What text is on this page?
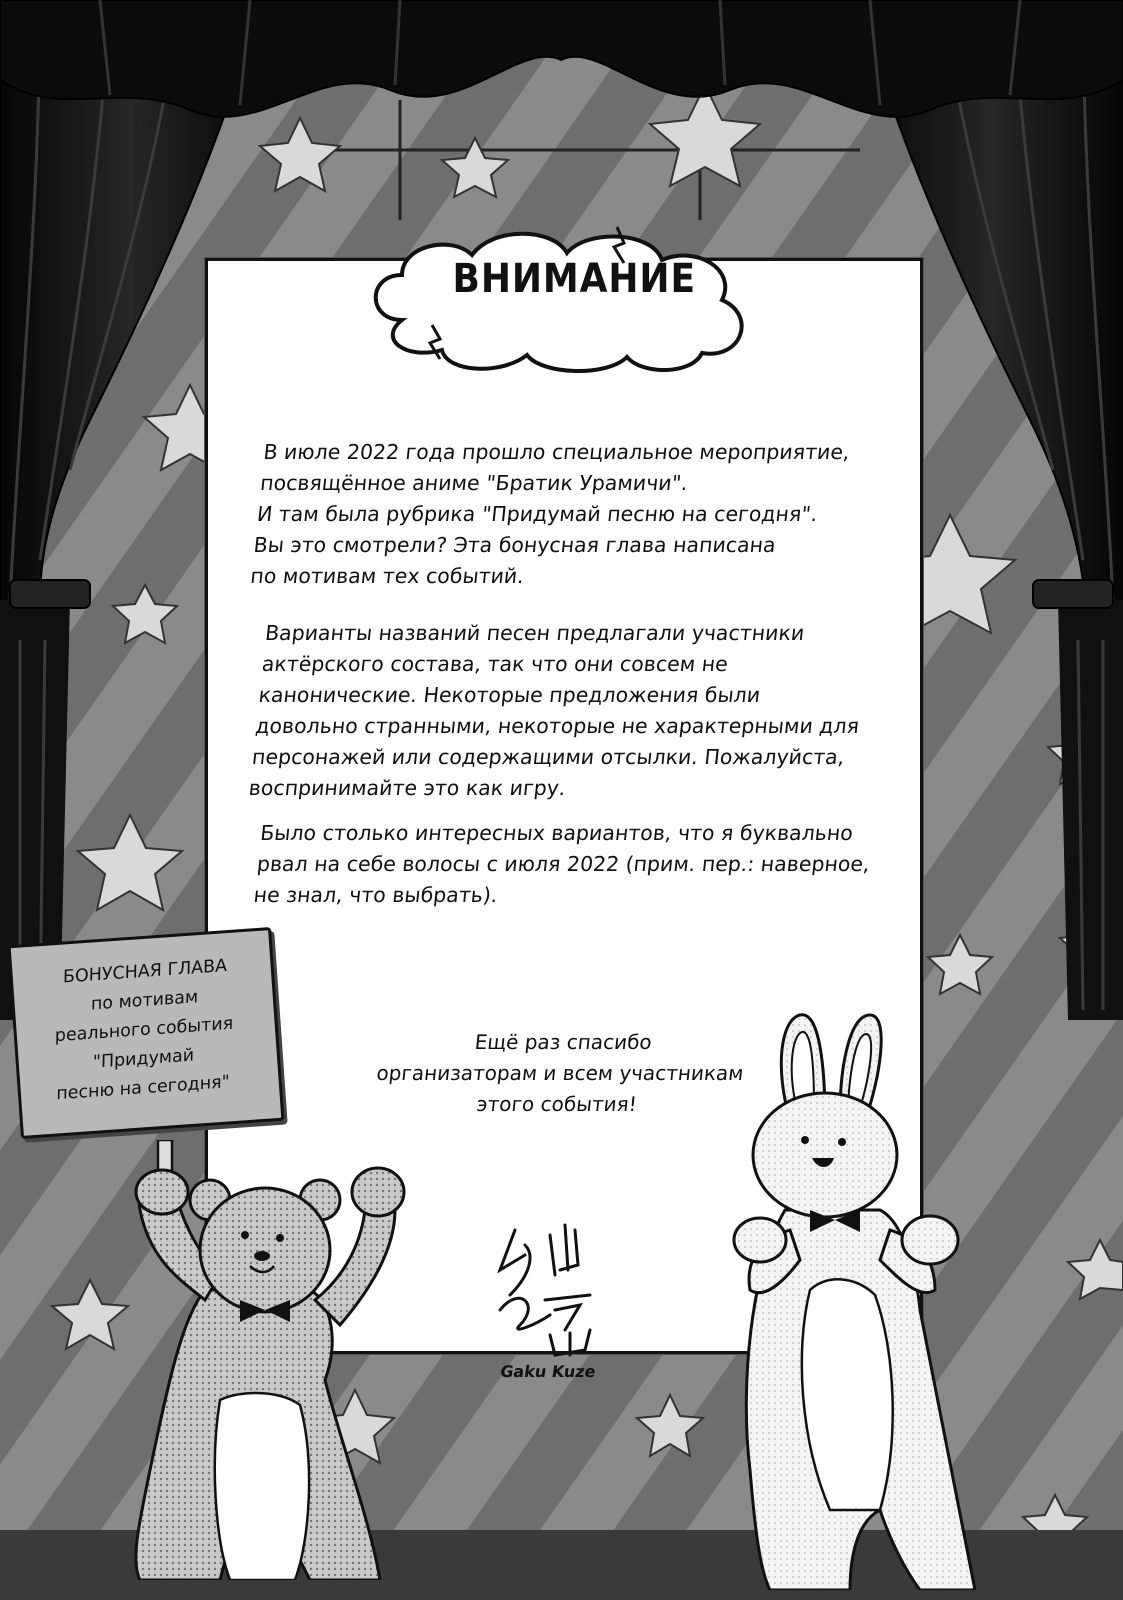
ВНИМАНИЕ
В июле 2022 года прошло специальное мероприятие,
посвящённое аниме "Братик Урамичи".
И там была рубрика "Придумай песню на сегодня".
Вы это смотрели? Эта бонусная глава написана
по мотивам тех событий.
Варианты названий песен предлагали участники
актёрского состава, так что они совсем не
канонические. Некоторые предложения были
довольно странными, некоторые не характерными для
персонажей или содержащими отсылки. Пожалуйста,
воспринимайте это как игру.
Было столько интересных вариантов, что я буквально
рвал на себе волосы с июля 2022 (прим. пер.: наверное,
не знал, что выбрать).
Ещё раз спасибо
организаторам и всем участникам
этого события!
Gaku Kuze
БОНУСНАЯ ГЛАВА
по мотивам
реального события
"Придумай
песню на сегодня"
